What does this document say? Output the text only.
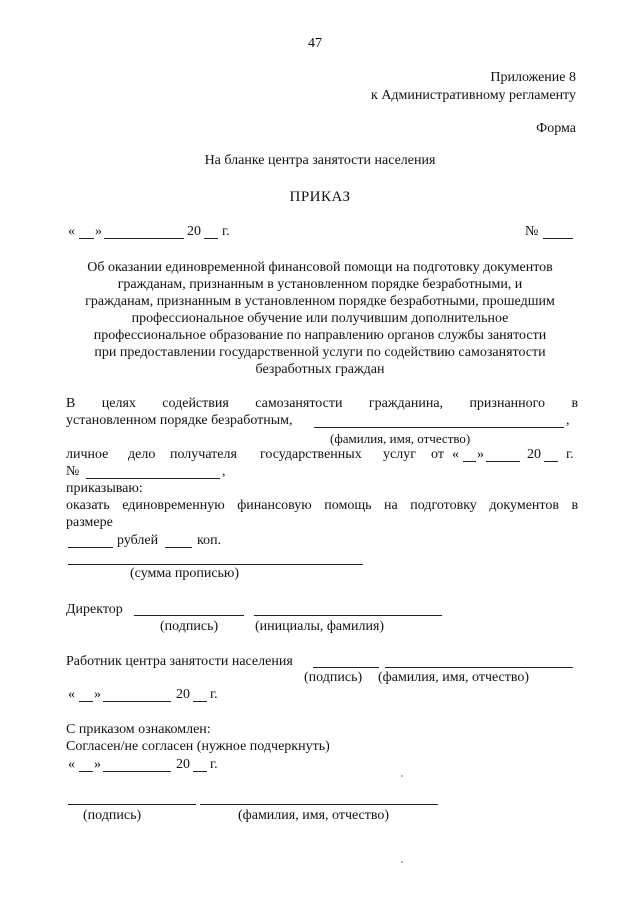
47
Приложение 8
к Административному регламенту
Форма
На бланке центра занятости населения
ПРИКАЗ
« »	20 г.	№
Об оказании единовременной финансовой помощи на подготовку документов
гражданам, признанным в установленном порядке безработными, и
гражданам, признанным в установленном порядке безработными, прошедшим
профессиональное обучение или получившим дополнительное
профессиональное образование по направлению органов службы занятости
при предоставлении государственной услуги по содействию самозанятости
безработных граждан
В целях содействия самозанятости гражданина, признанного в
установленном порядке безработным,	,
(фамилия, имя, отчество)
личное дело получателя государственных услуг от « »	20 г.
№	,
приказываю:
оказать единовременную финансовую помощь на подготовку документов в
размере
рублей	коп.
(сумма прописью)
Директор
(подпись)	(инициалы, фамилия)
Работник центра занятости населения
(подпись) (фамилия, имя, отчество)
« »	20 г.
С приказом ознакомлен:
Согласен/не согласен (нужное подчеркнуть)
« »	20 г.
(подпись)	(фамилия, имя, отчество)
